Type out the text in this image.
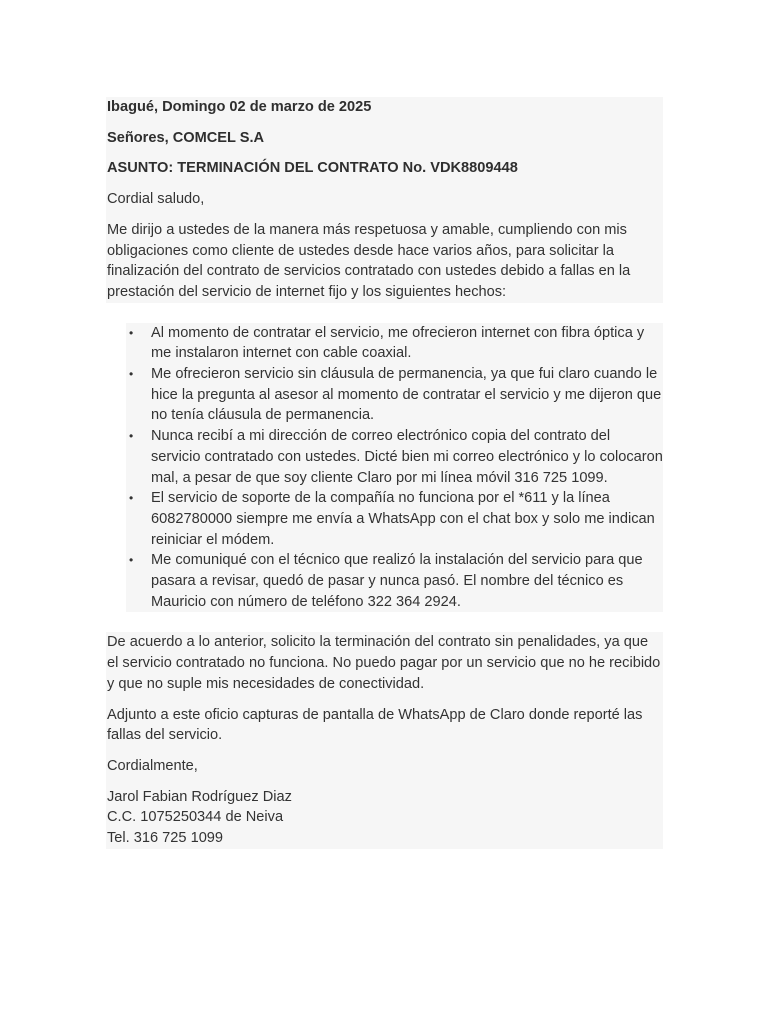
Ibagué, Domingo 02 de marzo de 2025

Señores, COMCEL S.A

ASUNTO: TERMINACIÓN DEL CONTRATO No. VDK8809448

Cordial saludo,

Me dirijo a ustedes de la manera más respetuosa y amable, cumpliendo con mis obligaciones como cliente de ustedes desde hace varios años, para solicitar la finalización del contrato de servicios contratado con ustedes debido a fallas en la prestación del servicio de internet fijo y los siguientes hechos:

•	Al momento de contratar el servicio, me ofrecieron internet con fibra óptica y me instalaron internet con cable coaxial.
•	Me ofrecieron servicio sin cláusula de permanencia, ya que fui claro cuando le hice la pregunta al asesor al momento de contratar el servicio y me dijeron que no tenía cláusula de permanencia.
•	Nunca recibí a mi dirección de correo electrónico copia del contrato del servicio contratado con ustedes. Dicté bien mi correo electrónico y lo colocaron mal, a pesar de que soy cliente Claro por mi línea móvil 316 725 1099.
•	El servicio de soporte de la compañía no funciona por el *611 y la línea 6082780000 siempre me envía a WhatsApp con el chat box y solo me indican reiniciar el módem.
•	Me comuniqué con el técnico que realizó la instalación del servicio para que pasara a revisar, quedó de pasar y nunca pasó. El nombre del técnico es Mauricio con número de teléfono 322 364 2924.

De acuerdo a lo anterior, solicito la terminación del contrato sin penalidades, ya que el servicio contratado no funciona. No puedo pagar por un servicio que no he recibido y que no suple mis necesidades de conectividad.

Adjunto a este oficio capturas de pantalla de WhatsApp de Claro donde reporté las fallas del servicio.

Cordialmente,

Jarol Fabian Rodríguez Diaz

C.C. 1075250344 de Neiva

Tel. 316 725 1099
